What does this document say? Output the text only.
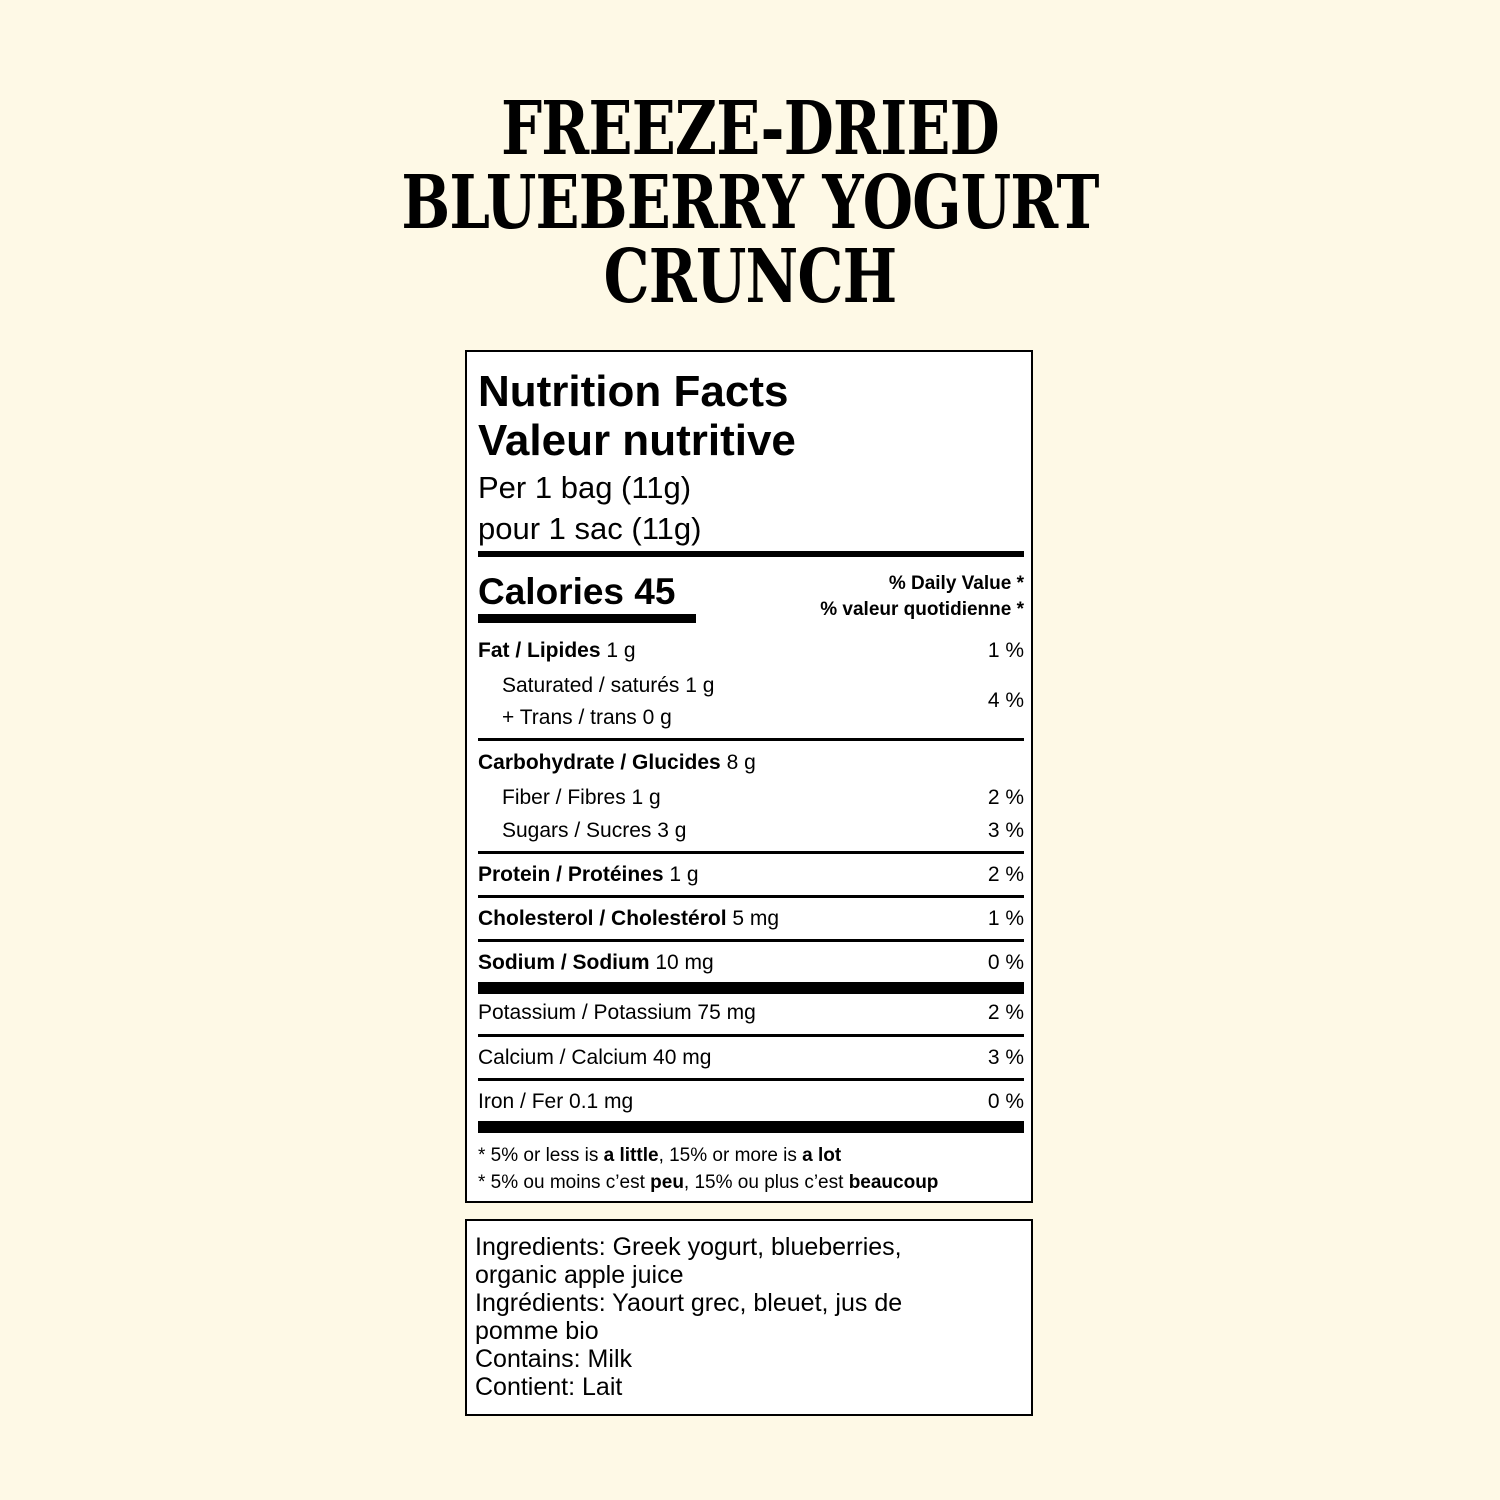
FREEZE-DRIED
BLUEBERRY YOGURT
CRUNCH
Nutrition Facts
Valeur nutritive
Per 1 bag (11g)
pour 1 sac (11g)
Calories 45	% Daily Value *
% valeur quotidienne *
Fat / Lipides 1 g	1 %
Saturated / saturés 1 g
+ Trans / trans 0 g
4 %
Carbohydrate / Glucides 8 g
Fiber / Fibres 1 g	2 %
Sugars / Sucres 3 g	3 %
Protein / Protéines 1 g	2 %
Cholesterol / Cholestérol 5 mg	1 %
Sodium / Sodium 10 mg	0 %
Potassium / Potassium 75 mg	2 %
Calcium / Calcium 40 mg	3 %
Iron / Fer 0.1 mg	0 %
* 5% or less is a little, 15% or more is a lot
* 5% ou moins c’est peu, 15% ou plus c’est beaucoup
Ingredients: Greek yogurt, blueberries,
organic apple juice
Ingrédients: Yaourt grec, bleuet, jus de
pomme bio
Contains: Milk
Contient: Lait
